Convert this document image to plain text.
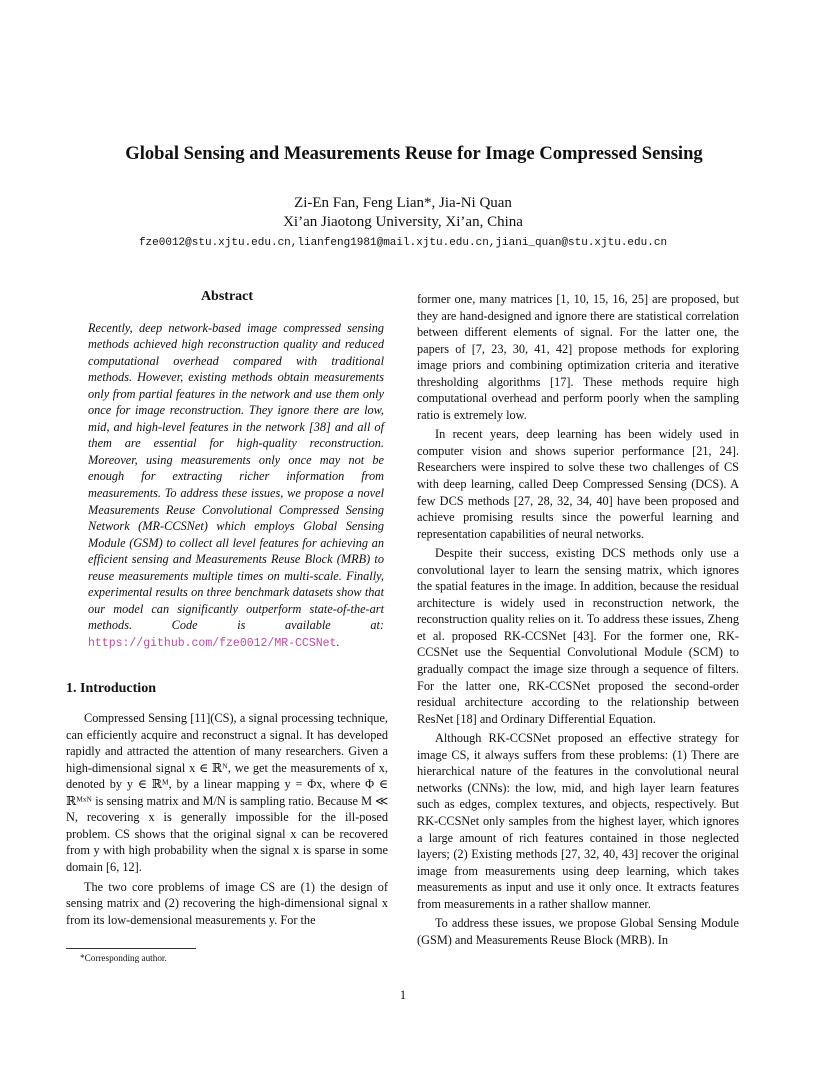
Global Sensing and Measurements Reuse for Image Compressed Sensing
Zi-En Fan, Feng Lian*, Jia-Ni Quan
Xi’an Jiaotong University, Xi’an, China
fze0012@stu.xjtu.edu.cn,lianfeng1981@mail.xjtu.edu.cn,jiani_quan@stu.xjtu.edu.cn
Abstract

Recently, deep network-based image compressed sensing methods achieved high reconstruction quality and reduced computational overhead compared with traditional methods. However, existing methods obtain measurements only from partial features in the network and use them only once for image reconstruction. They ignore there are low, mid, and high-level features in the network [38] and all of them are essential for high-quality reconstruction. Moreover, using measurements only once may not be enough for extracting richer information from measurements. To address these issues, we propose a novel Measurements Reuse Convolutional Compressed Sensing Network (MR-CCSNet) which employs Global Sensing Module (GSM) to collect all level features for achieving an efficient sensing and Measurements Reuse Block (MRB) to reuse measurements multiple times on multi-scale. Finally, experimental results on three benchmark datasets show that our model can significantly outperform state-of-the-art methods. Code is available at: https://github.com/fze0012/MR-CCSNet.

1. Introduction

Compressed Sensing [11](CS), a signal processing technique, can efficiently acquire and reconstruct a signal. It has developed rapidly and attracted the attention of many researchers. Given a high-dimensional signal x ∈ ℝᴺ, we get the measurements of x, denoted by y ∈ ℝᴹ, by a linear mapping y = Φx, where Φ ∈ ℝᴹˣᴺ is sensing matrix and M/N is sampling ratio. Because M ≪ N, recovering x is generally impossible for the ill-posed problem. CS shows that the original signal x can be recovered from y with high probability when the signal x is sparse in some domain [6, 12].

The two core problems of image CS are (1) the design of sensing matrix and (2) recovering the high-dimensional signal x from its low-demensional measurements y. For the

former one, many matrices [1, 10, 15, 16, 25] are proposed, but they are hand-designed and ignore there are statistical correlation between different elements of signal. For the latter one, the papers of [7, 23, 30, 41, 42] propose methods for exploring image priors and combining optimization criteria and iterative thresholding algorithms [17]. These methods require high computational overhead and perform poorly when the sampling ratio is extremely low.

In recent years, deep learning has been widely used in computer vision and shows superior performance [21, 24]. Researchers were inspired to solve these two challenges of CS with deep learning, called Deep Compressed Sensing (DCS). A few DCS methods [27, 28, 32, 34, 40] have been proposed and achieve promising results since the powerful learning and representation capabilities of neural networks.

Despite their success, existing DCS methods only use a convolutional layer to learn the sensing matrix, which ignores the spatial features in the image. In addition, because the residual architecture is widely used in reconstruction network, the reconstruction quality relies on it. To address these issues, Zheng et al. proposed RK-CCSNet [43]. For the former one, RK-CCSNet use the Sequential Convolutional Module (SCM) to gradually compact the image size through a sequence of filters. For the latter one, RK-CCSNet proposed the second-order residual architecture according to the relationship between ResNet [18] and Ordinary Differential Equation.

Although RK-CCSNet proposed an effective strategy for image CS, it always suffers from these problems: (1) There are hierarchical nature of the features in the convolutional neural networks (CNNs): the low, mid, and high layer learn features such as edges, complex textures, and objects, respectively. But RK-CCSNet only samples from the highest layer, which ignores a large amount of rich features contained in those neglected layers; (2) Existing methods [27, 32, 40, 43] recover the original image from measurements using deep learning, which takes measurements as input and use it only once. It extracts features from measurements in a rather shallow manner.

To address these issues, we propose Global Sensing Module (GSM) and Measurements Reuse Block (MRB). In

*Corresponding author.
1
